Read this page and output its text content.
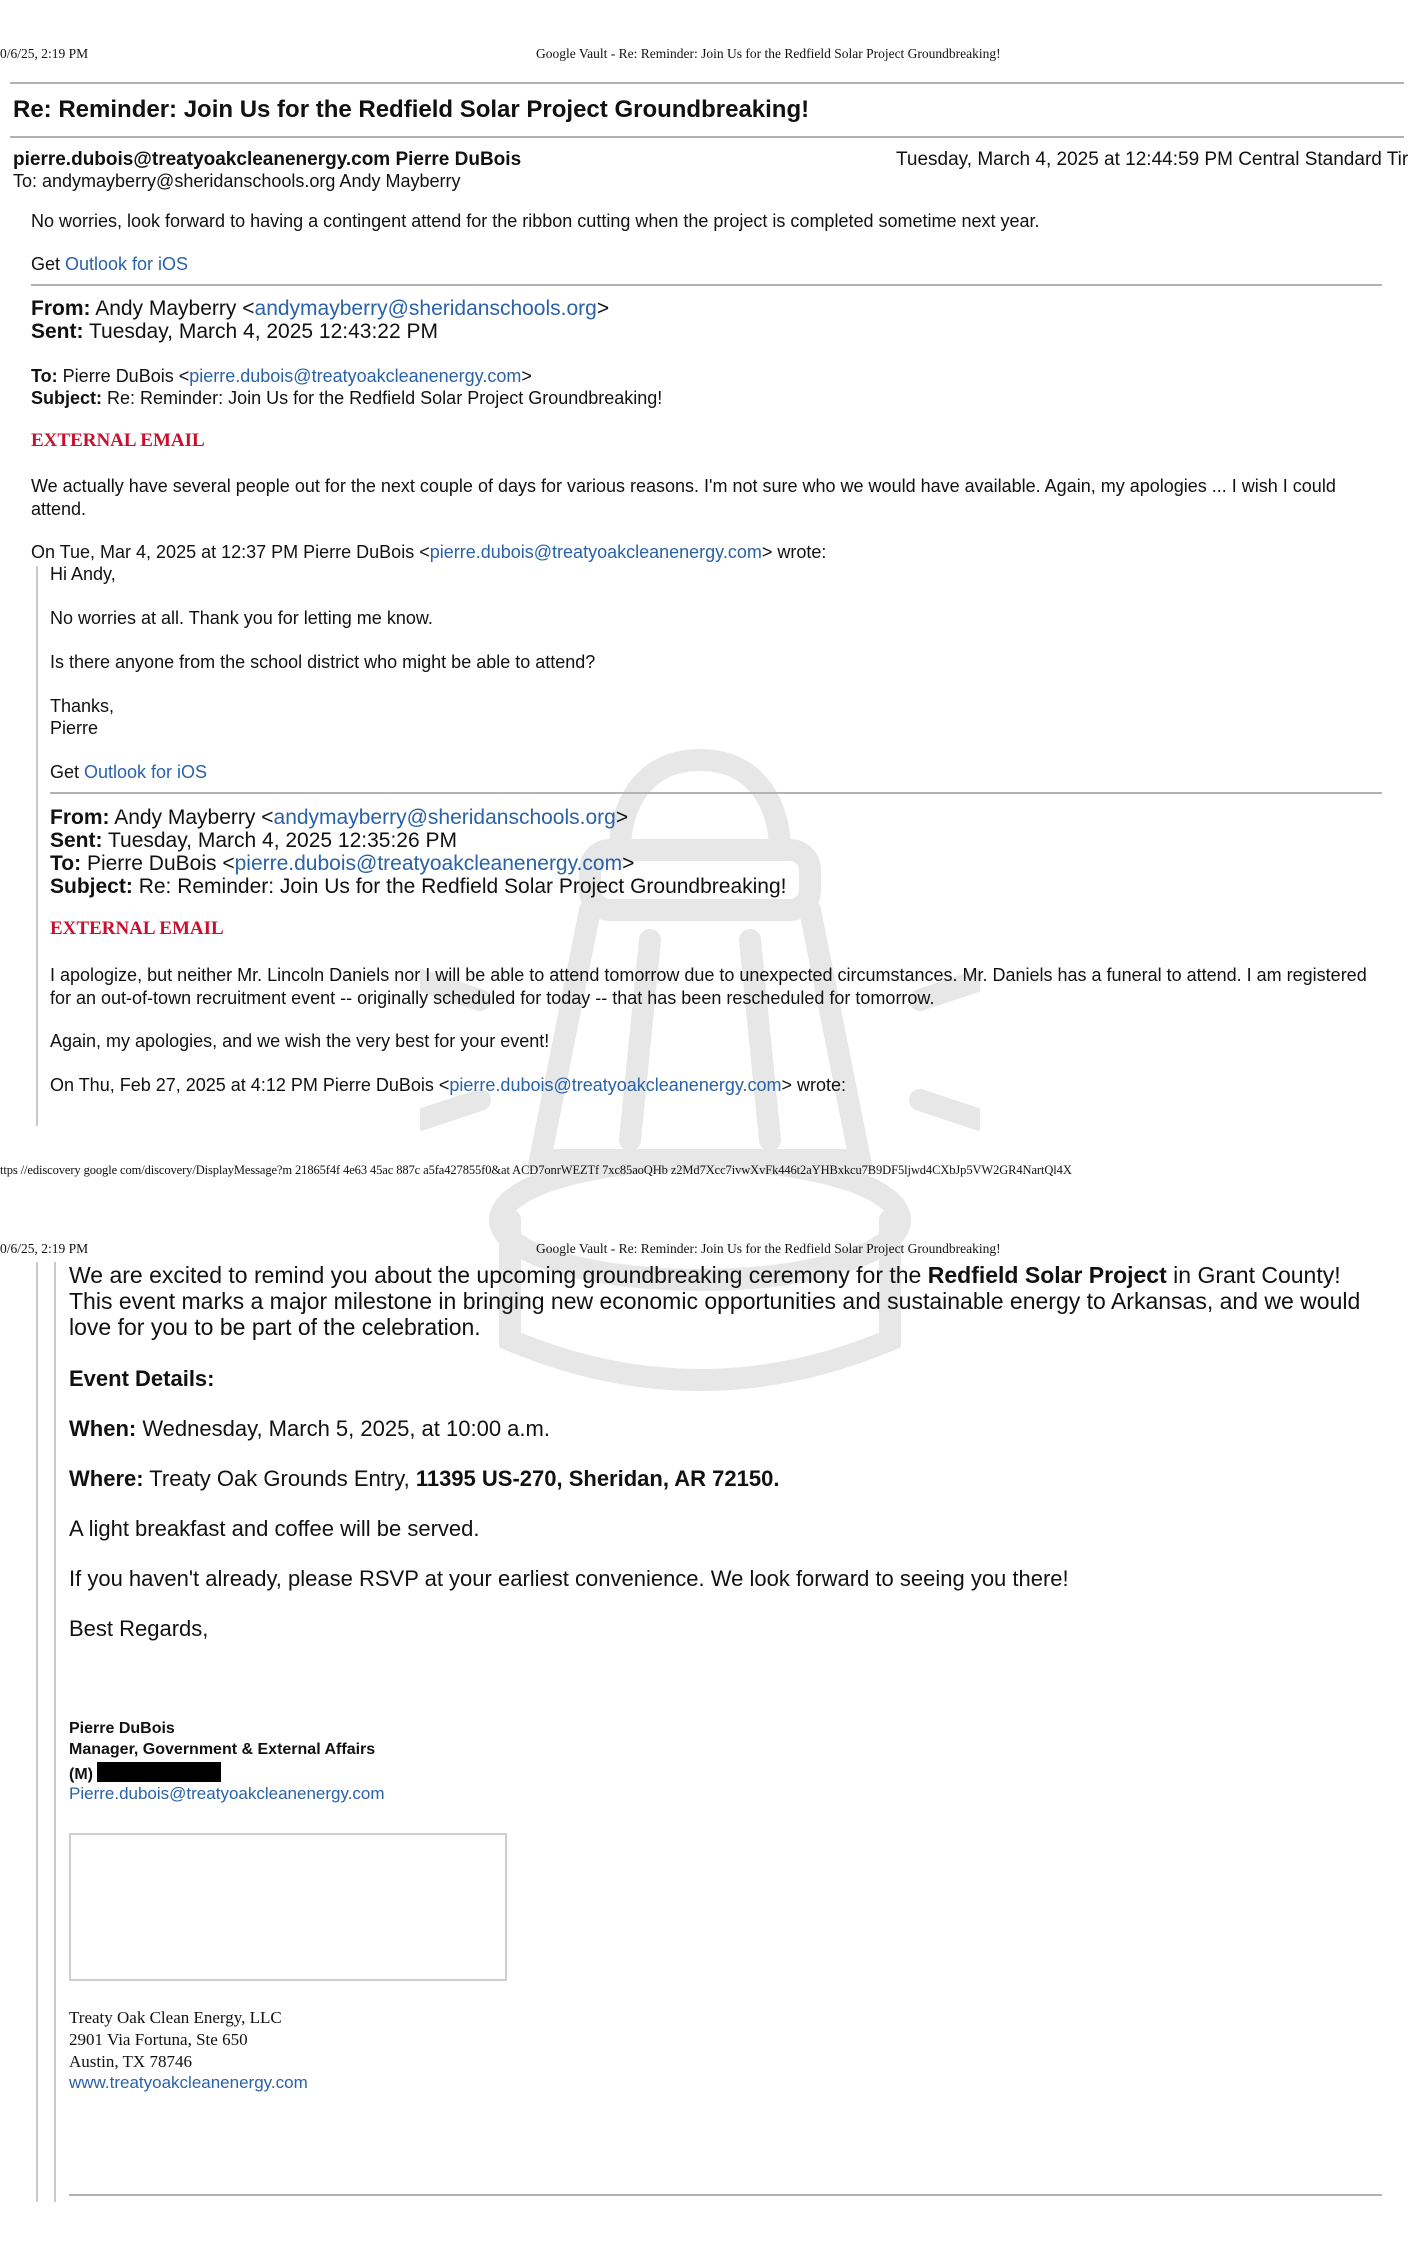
0/6/25, 2:19 PM	Google Vault - Re: Reminder: Join Us for the Redfield Solar Project Groundbreaking!
Re: Reminder: Join Us for the Redfield Solar Project Groundbreaking!
pierre.dubois@treatyoakcleanenergy.com Pierre DuBois	Tuesday, March 4, 2025 at 12:44:59 PM Central Standard Tir
To: andymayberry@sheridanschools.org Andy Mayberry
No worries, look forward to having a contingent attend for the ribbon cutting when the project is completed sometime next year.
Get Outlook for iOS
From: Andy Mayberry <andymayberry@sheridanschools.org>
Sent: Tuesday, March 4, 2025 12:43:22 PM
To: Pierre DuBois <pierre.dubois@treatyoakcleanenergy.com>
Subject: Re: Reminder: Join Us for the Redfield Solar Project Groundbreaking!
EXTERNAL EMAIL
We actually have several people out for the next couple of days for various reasons. I'm not sure who we would have available. Again, my apologies ... I wish I could attend.
On Tue, Mar 4, 2025 at 12:37 PM Pierre DuBois <pierre.dubois@treatyoakcleanenergy.com> wrote:
Hi Andy,
No worries at all. Thank you for letting me know.
Is there anyone from the school district who might be able to attend?
Thanks,
Pierre
Get Outlook for iOS
From: Andy Mayberry <andymayberry@sheridanschools.org>
Sent: Tuesday, March 4, 2025 12:35:26 PM
To: Pierre DuBois <pierre.dubois@treatyoakcleanenergy.com>
Subject: Re: Reminder: Join Us for the Redfield Solar Project Groundbreaking!
EXTERNAL EMAIL
I apologize, but neither Mr. Lincoln Daniels nor I will be able to attend tomorrow due to unexpected circumstances. Mr. Daniels has a funeral to attend. I am registered for an out-of-town recruitment event -- originally scheduled for today -- that has been rescheduled for tomorrow.
Again, my apologies, and we wish the very best for your event!
On Thu, Feb 27, 2025 at 4:12 PM Pierre DuBois <pierre.dubois@treatyoakcleanenergy.com> wrote:
ttps //ediscovery google com/discovery/DisplayMessage?m 21865f4f 4e63 45ac 887c a5fa427855f0&at ACD7onrWEZTf 7xc85aoQHb z2Md7Xcc7ivwXvFk446t2aYHBxkcu7B9DF5ljwd4CXbJp5VW2GR4NartQl4X
0/6/25, 2:19 PM	Google Vault - Re: Reminder: Join Us for the Redfield Solar Project Groundbreaking!
We are excited to remind you about the upcoming groundbreaking ceremony for the Redfield Solar Project in Grant County! This event marks a major milestone in bringing new economic opportunities and sustainable energy to Arkansas, and we would love for you to be part of the celebration.
Event Details:
When: Wednesday, March 5, 2025, at 10:00 a.m.
Where: Treaty Oak Grounds Entry, 11395 US-270, Sheridan, AR 72150.
A light breakfast and coffee will be served.
If you haven't already, please RSVP at your earliest convenience. We look forward to seeing you there!
Best Regards,
Pierre DuBois
Manager, Government & External Affairs
(M)
Pierre.dubois@treatyoakcleanenergy.com
Treaty Oak Clean Energy, LLC
2901 Via Fortuna, Ste 650
Austin, TX 78746
www.treatyoakcleanenergy.com
